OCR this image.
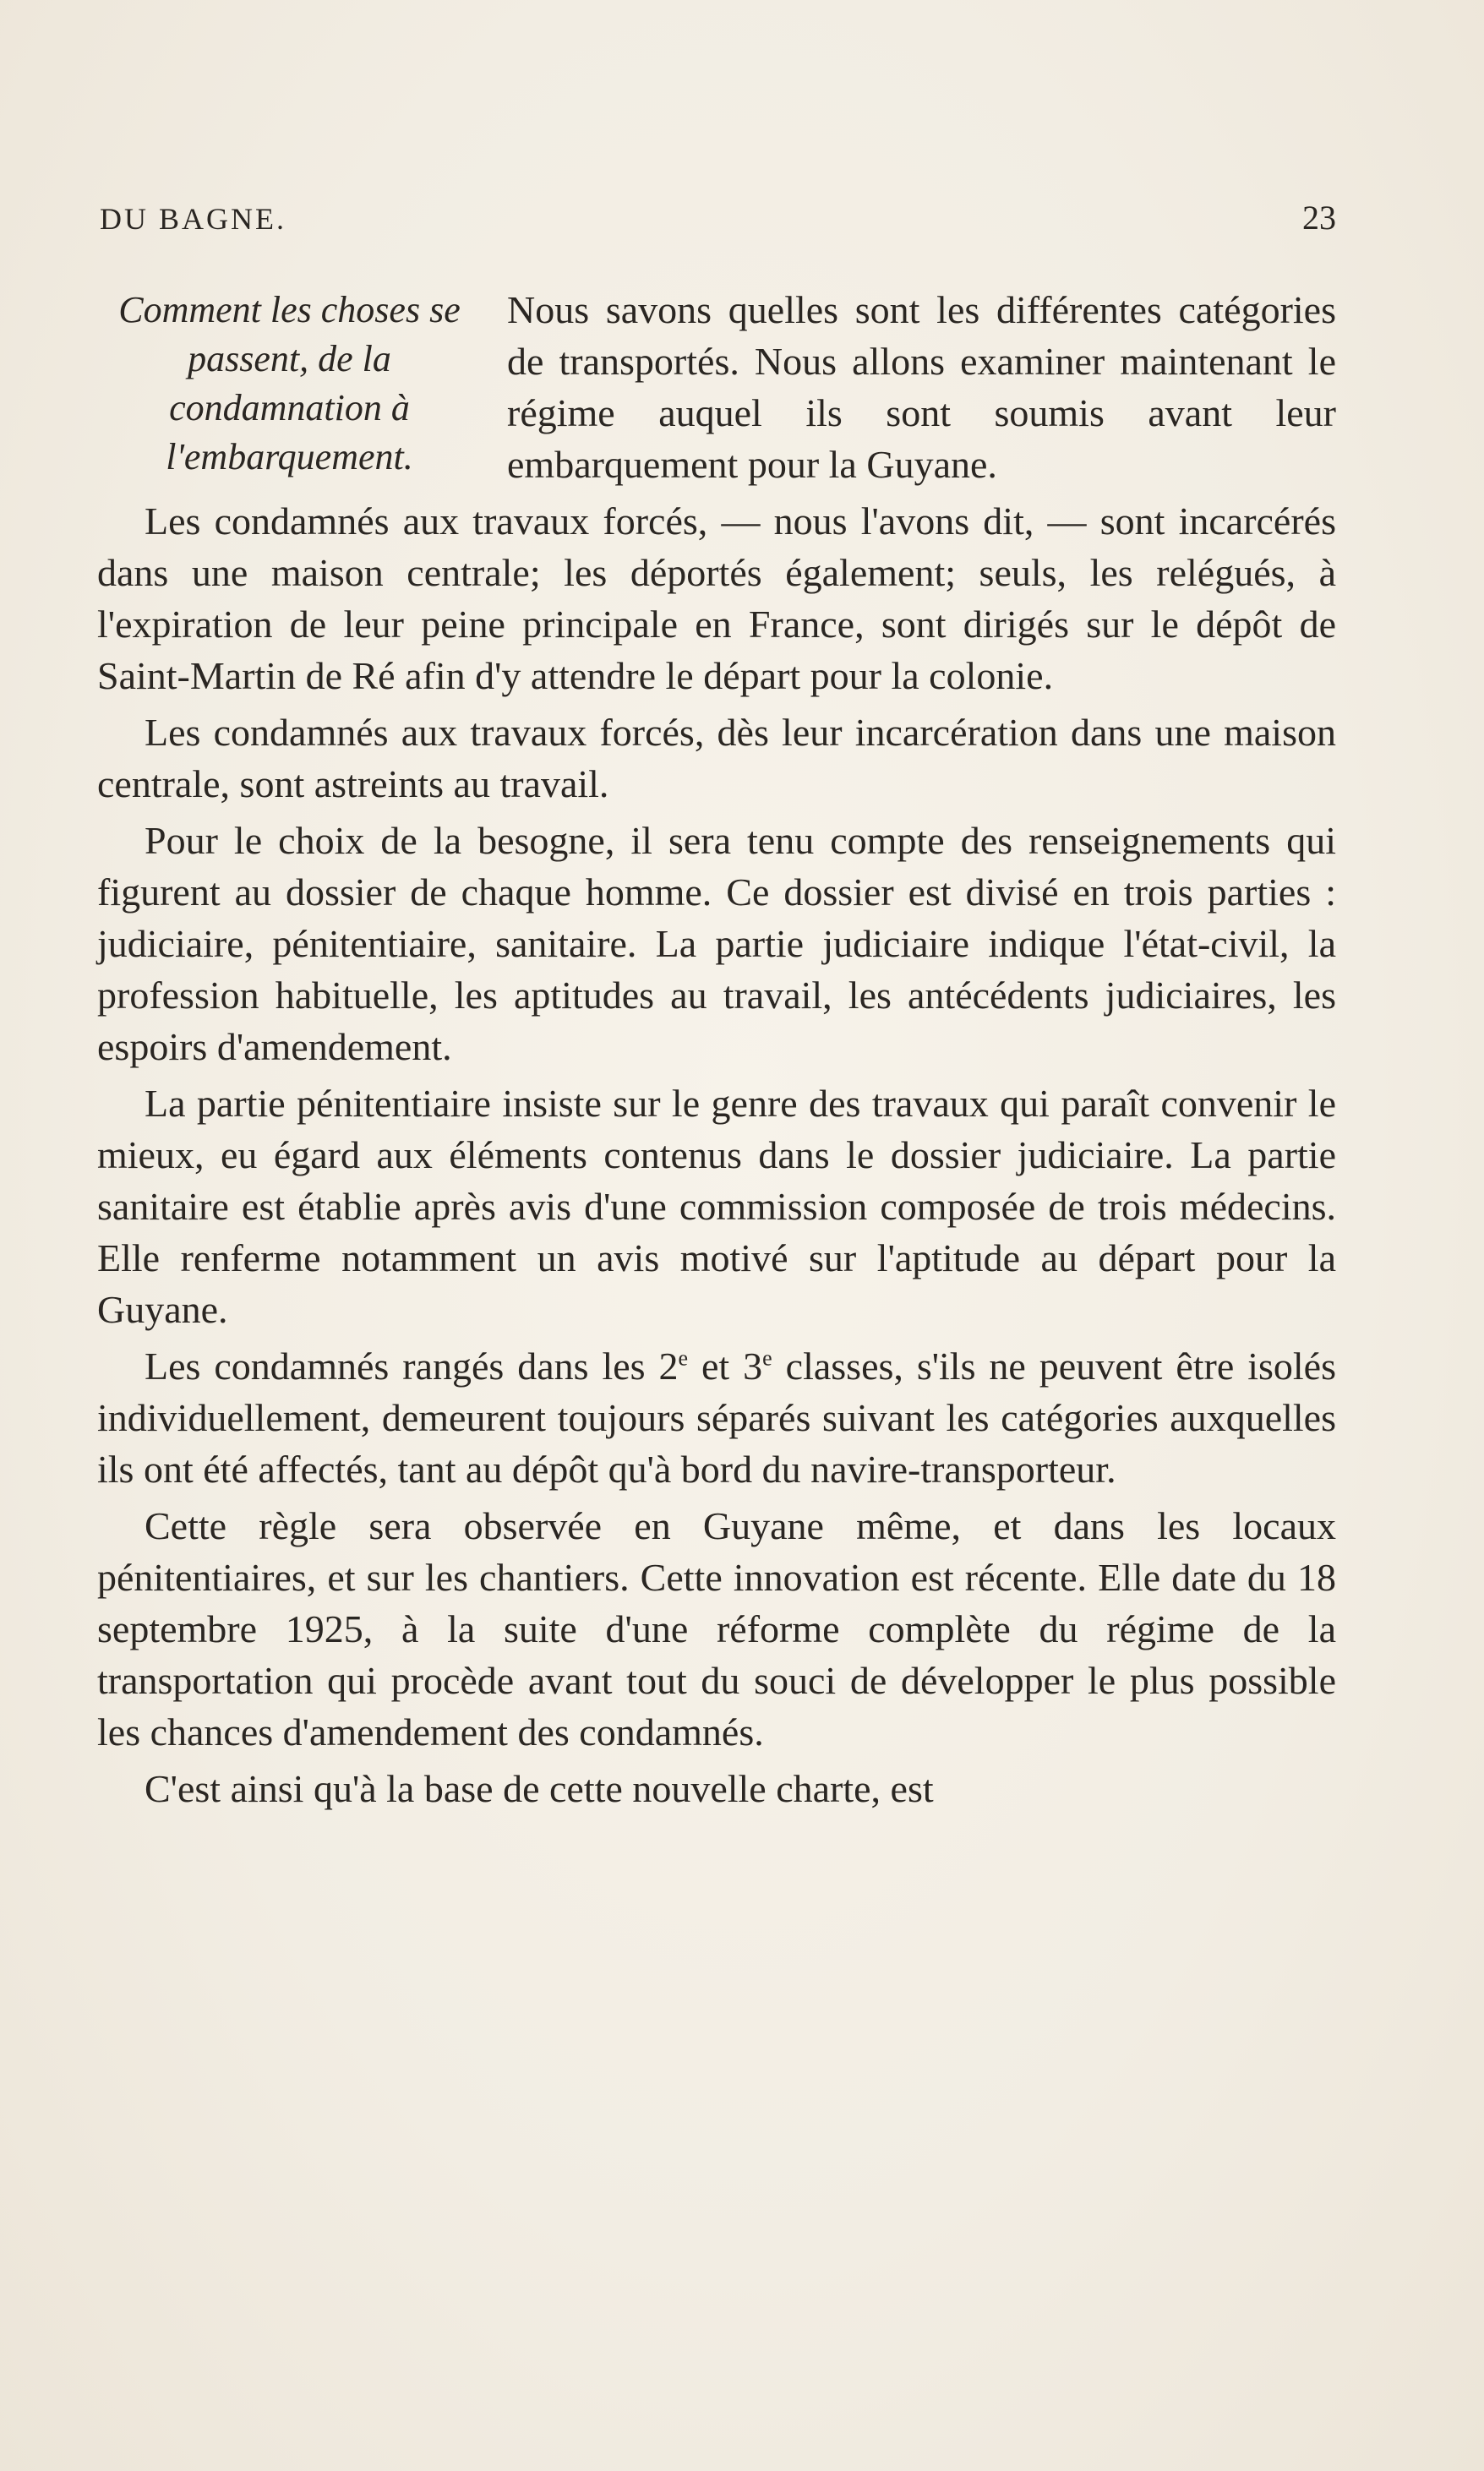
DU BAGNE.	23
Comment les choses se passent, de la condamnation à l'embarquement.

Nous savons quelles sont les différentes catégories de transportés. Nous allons examiner maintenant le régime auquel ils sont soumis avant leur embarquement pour la Guyane.

Les condamnés aux travaux forcés, — nous l'avons dit, — sont incarcérés dans une maison centrale; les déportés également; seuls, les relégués, à l'expiration de leur peine principale en France, sont dirigés sur le dépôt de Saint-Martin de Ré afin d'y attendre le départ pour la colonie.

Les condamnés aux travaux forcés, dès leur incarcération dans une maison centrale, sont astreints au travail.

Pour le choix de la besogne, il sera tenu compte des renseignements qui figurent au dossier de chaque homme. Ce dossier est divisé en trois parties : judiciaire, pénitentiaire, sanitaire. La partie judiciaire indique l'état-civil, la profession habituelle, les aptitudes au travail, les antécédents judiciaires, les espoirs d'amendement.

La partie pénitentiaire insiste sur le genre des travaux qui paraît convenir le mieux, eu égard aux éléments contenus dans le dossier judiciaire. La partie sanitaire est établie après avis d'une commission composée de trois médecins. Elle renferme notamment un avis motivé sur l'aptitude au départ pour la Guyane.

Les condamnés rangés dans les 2e et 3e classes, s'ils ne peuvent être isolés individuellement, demeurent toujours séparés suivant les catégories auxquelles ils ont été affectés, tant au dépôt qu'à bord du navire-transporteur.

Cette règle sera observée en Guyane même, et dans les locaux pénitentiaires, et sur les chantiers. Cette innovation est récente. Elle date du 18 septembre 1925, à la suite d'une réforme complète du régime de la transportation qui procède avant tout du souci de développer le plus possible les chances d'amendement des condamnés.

C'est ainsi qu'à la base de cette nouvelle charte, est
